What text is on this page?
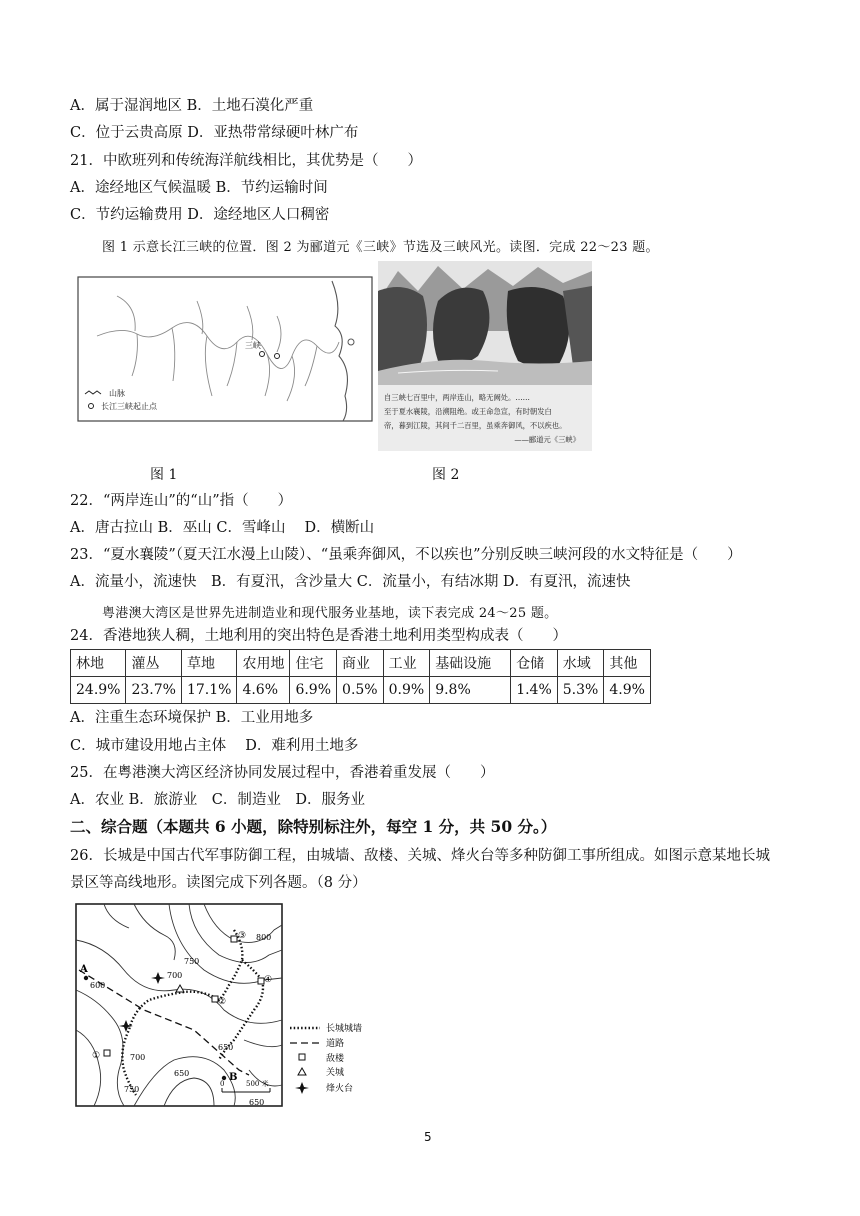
A．属于湿润地区 B．土地石漠化严重
C．位于云贵高原 D．亚热带常绿硬叶林广布
21．中欧班列和传统海洋航线相比，其优势是（　　）
A．途经地区气候温暖 B．节约运输时间
C．节约运输费用 D．途经地区人口稠密
图 1 示意长江三峡的位置．图 2 为郦道元《三峡》节选及三峡风光。读图．完成 22～23 题。
三峡
山脉
长江三峡起止点
自三峡七百里中，两岸连山，略无阙处。……
至于夏水襄陵，沿溯阻绝。或王命急宣，有时朝发白
帝，暮到江陵，其间千二百里，虽乘奔御风，不以疾也。
——郦道元《三峡》
图 1	图 2
22．“两岸连山”的“山”指（　　）
A．唐古拉山 B．巫山 C．雪峰山　 D．横断山
23．“夏水襄陵”（夏天江水漫上山陵）、“虽乘奔御风，不以疾也”分别反映三峡河段的水文特征是（　　）
A．流量小，流速快　B．有夏汛，含沙量大 C．流量小，有结冰期 D．有夏汛，流速快
粤港澳大湾区是世界先进制造业和现代服务业基地，读下表完成 24～25 题。
24．香港地狭人稠，土地利用的突出特色是香港土地利用类型构成表（　　）
林地	灌丛	草地	农用地	住宅	商业	工业	基础设施	仓储	水域	其他
24.9%	23.7%	17.1%	4.6%	6.9%	0.5%	0.9%	9.8%	1.4%	5.3%	4.9%
A．注重生态环境保护 B．工业用地多
C．城市建设用地占主体　 D．难利用土地多
25．在粤港澳大湾区经济协同发展过程中，香港着重发展（　　）
A．农业 B．旅游业　C．制造业　D．服务业
二、综合题（本题共 6 小题，除特别标注外，每空 1 分，共 50 分。）
26．长城是中国古代军事防御工程，由城墙、敌楼、关城、烽火台等多种防御工事所组成。如图示意某地长城
景区等高线地形。读图完成下列各题。（8 分）
800
750
700
600
650
700
650
750
650
A
B
③
②
④
①
0	500 米
长城城墙
道路
敌楼
关城
烽火台
5
